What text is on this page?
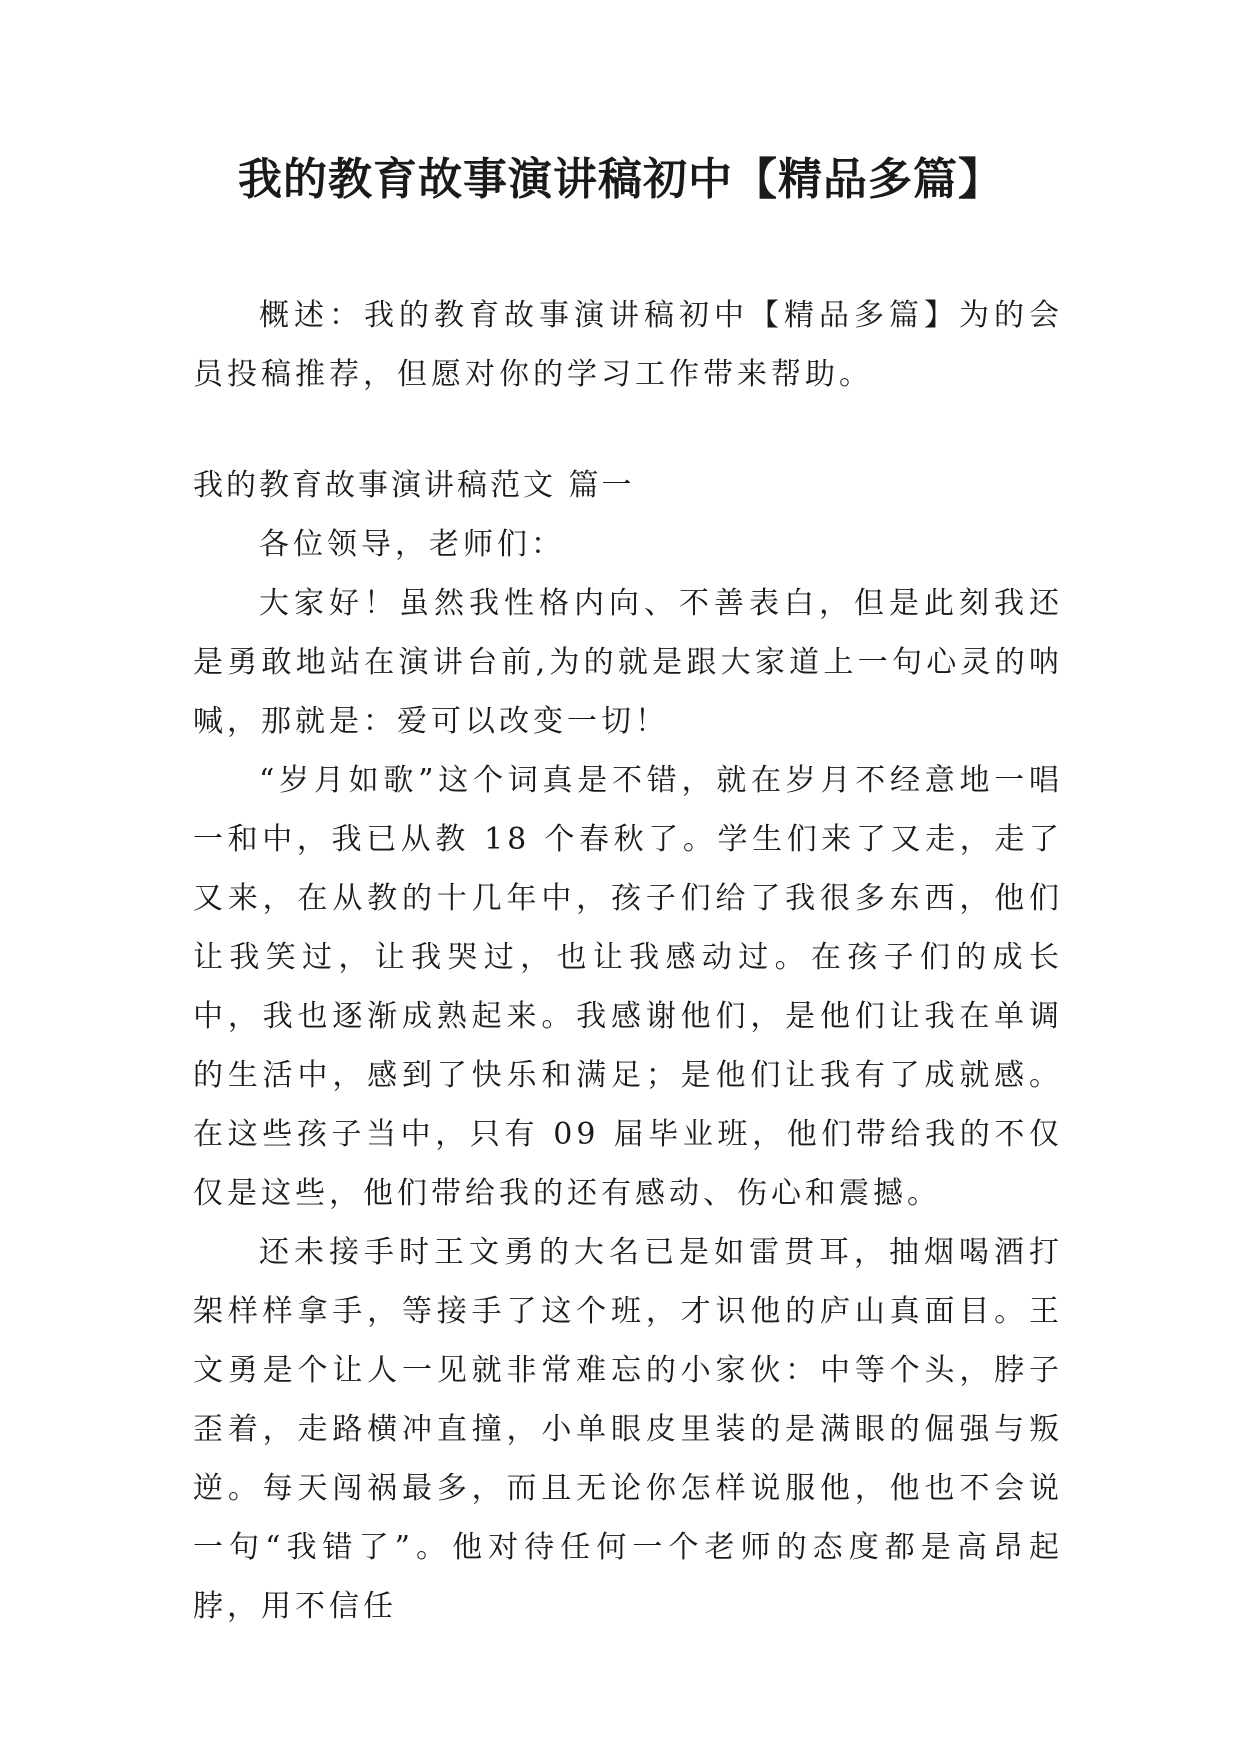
我的教育故事演讲稿初中【精品多篇】
概述：我的教育故事演讲稿初中【精品多篇】为的会员投稿推荐，但愿对你的学习工作带来帮助。
我的教育故事演讲稿范文 篇一

各位领导，老师们：

大家好！虽然我性格内向、不善表白，但是此刻我还是勇敢地站在演讲台前,为的就是跟大家道上一句心灵的呐喊，那就是：爱可以改变一切！

“岁月如歌”这个词真是不错，就在岁月不经意地一唱一和中，我已从教 18 个春秋了。学生们来了又走，走了又来，在从教的十几年中，孩子们给了我很多东西，他们让我笑过，让我哭过，也让我感动过。在孩子们的成长中，我也逐渐成熟起来。我感谢他们，是他们让我在单调的生活中，感到了快乐和满足；是他们让我有了成就感。在这些孩子当中，只有 09 届毕业班，他们带给我的不仅仅是这些，他们带给我的还有感动、伤心和震撼。

还未接手时王文勇的大名已是如雷贯耳，抽烟喝酒打架样样拿手，等接手了这个班，才识他的庐山真面目。王文勇是个让人一见就非常难忘的小家伙：中等个头，脖子歪着，走路横冲直撞，小单眼皮里装的是满眼的倔强与叛逆。每天闯祸最多，而且无论你怎样说服他，他也不会说一句“我错了”。他对待任何一个老师的态度都是高昂起脖，用不信任
